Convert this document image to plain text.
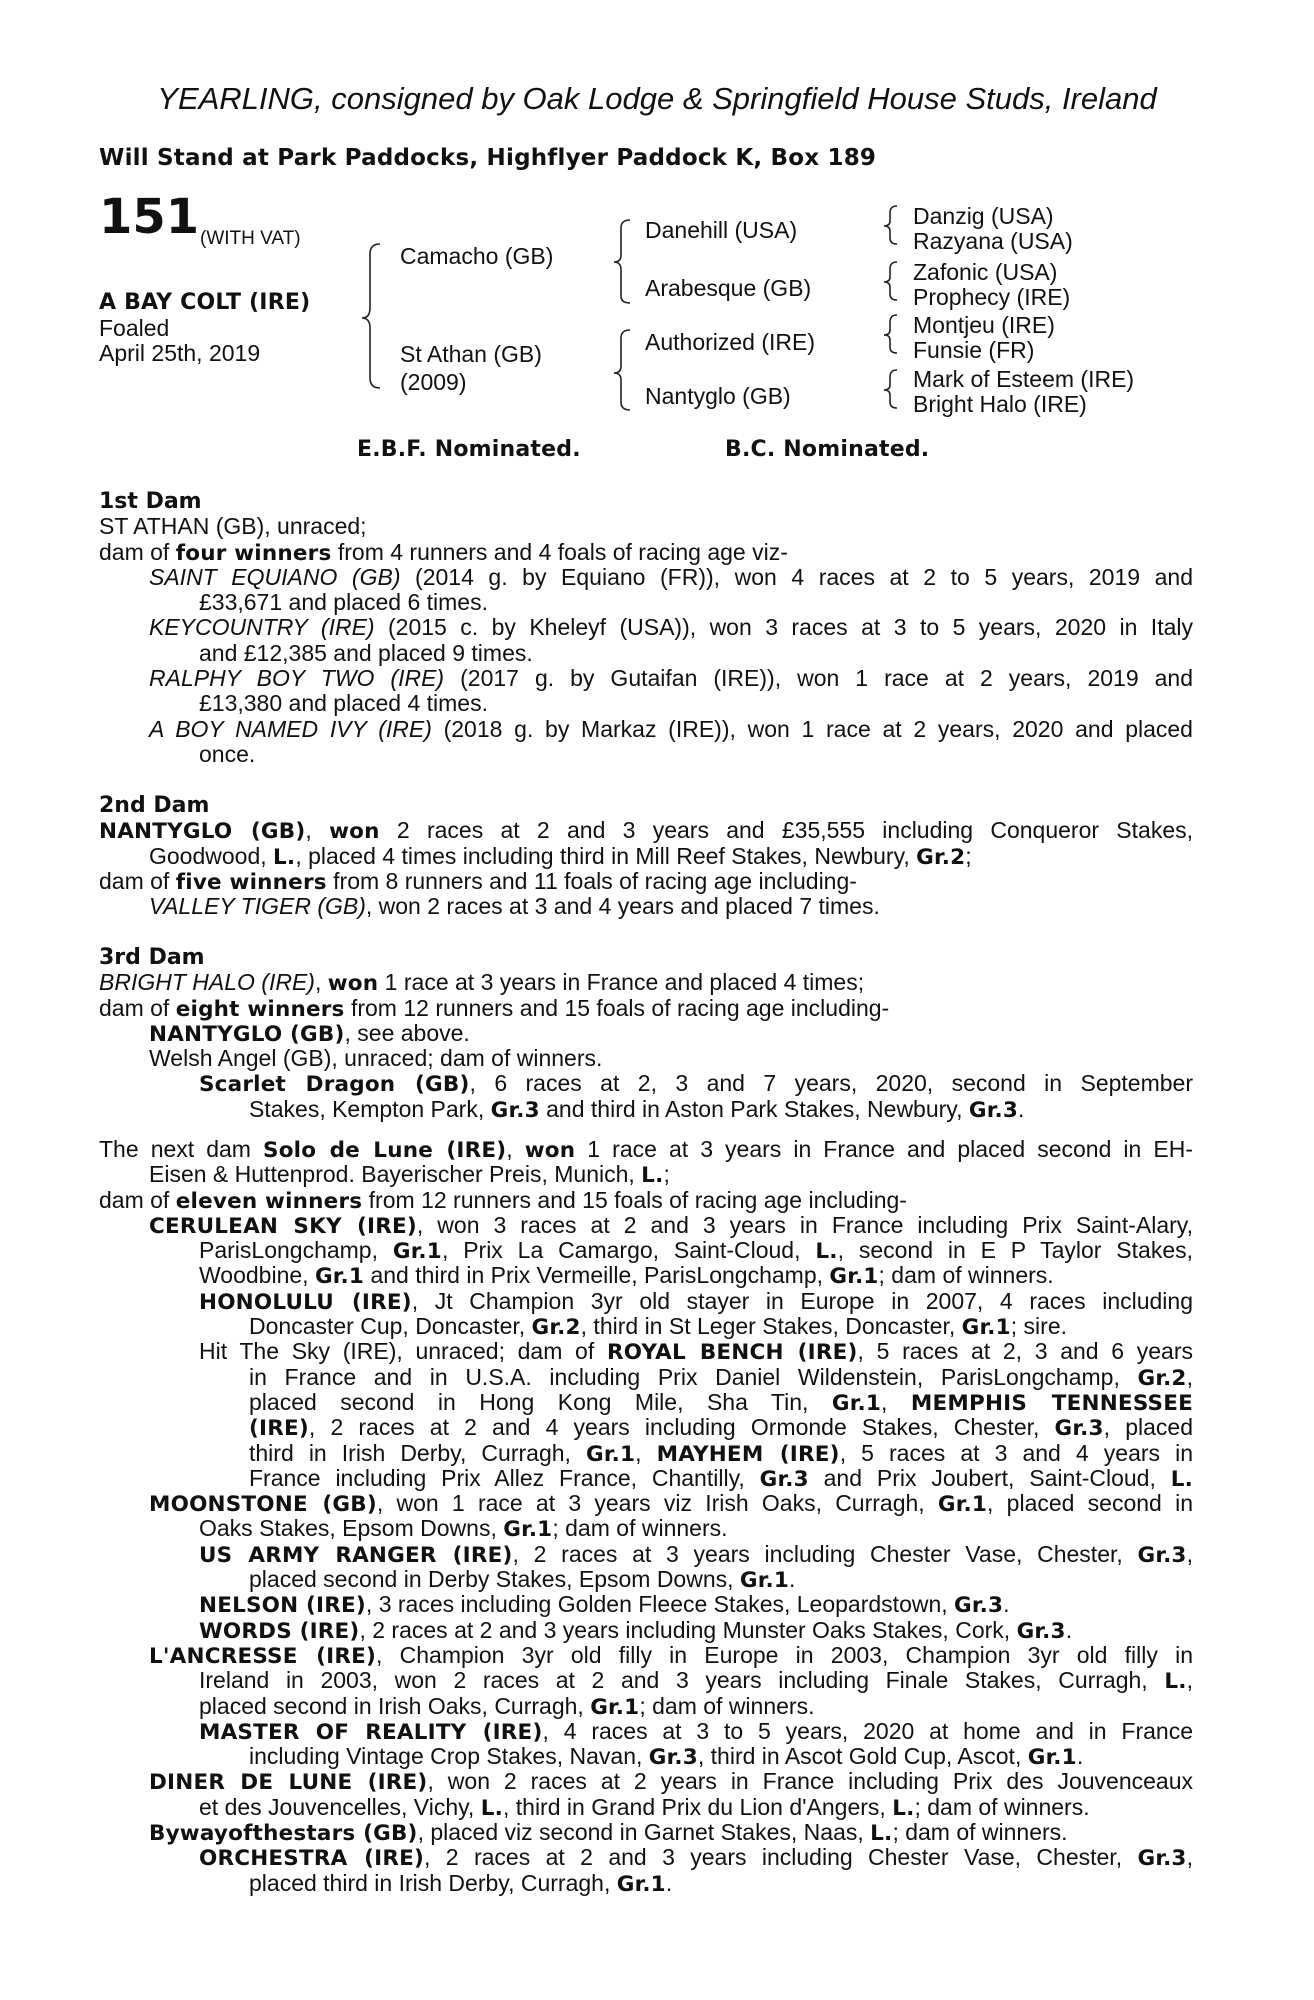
YEARLING, consigned by Oak Lodge & Springfield House Studs, Ireland
Will Stand at Park Paddocks, Highflyer Paddock K, Box 189
151 (WITH VAT)
A BAY COLT (IRE)
Foaled
April 25th, 2019
Camacho (GB)
St Athan (GB)
(2009)
Danehill (USA)
Arabesque (GB)
Authorized (IRE)
Nantyglo (GB)
Danzig (USA)
Razyana (USA)
Zafonic (USA)
Prophecy (IRE)
Montjeu (IRE)
Funsie (FR)
Mark of Esteem (IRE)
Bright Halo (IRE)
E.B.F. Nominated.	B.C. Nominated.
1st Dam
ST ATHAN (GB), unraced;
dam of four winners from 4 runners and 4 foals of racing age viz-
SAINT EQUIANO (GB) (2014 g. by Equiano (FR)), won 4 races at 2 to 5 years, 2019 and
£33,671 and placed 6 times.
KEYCOUNTRY (IRE) (2015 c. by Kheleyf (USA)), won 3 races at 3 to 5 years, 2020 in Italy
and £12,385 and placed 9 times.
RALPHY BOY TWO (IRE) (2017 g. by Gutaifan (IRE)), won 1 race at 2 years, 2019 and
£13,380 and placed 4 times.
A BOY NAMED IVY (IRE) (2018 g. by Markaz (IRE)), won 1 race at 2 years, 2020 and placed
once.
2nd Dam
NANTYGLO (GB), won 2 races at 2 and 3 years and £35,555 including Conqueror Stakes,
Goodwood, L., placed 4 times including third in Mill Reef Stakes, Newbury, Gr.2;
dam of five winners from 8 runners and 11 foals of racing age including-
VALLEY TIGER (GB), won 2 races at 3 and 4 years and placed 7 times.
3rd Dam
BRIGHT HALO (IRE), won 1 race at 3 years in France and placed 4 times;
dam of eight winners from 12 runners and 15 foals of racing age including-
NANTYGLO (GB), see above.
Welsh Angel (GB), unraced; dam of winners.
Scarlet Dragon (GB), 6 races at 2, 3 and 7 years, 2020, second in September
Stakes, Kempton Park, Gr.3 and third in Aston Park Stakes, Newbury, Gr.3.
The next dam Solo de Lune (IRE), won 1 race at 3 years in France and placed second in EH-
Eisen & Huttenprod. Bayerischer Preis, Munich, L.;
dam of eleven winners from 12 runners and 15 foals of racing age including-
CERULEAN SKY (IRE), won 3 races at 2 and 3 years in France including Prix Saint-Alary,
ParisLongchamp, Gr.1, Prix La Camargo, Saint-Cloud, L., second in E P Taylor Stakes,
Woodbine, Gr.1 and third in Prix Vermeille, ParisLongchamp, Gr.1; dam of winners.
HONOLULU (IRE), Jt Champion 3yr old stayer in Europe in 2007, 4 races including
Doncaster Cup, Doncaster, Gr.2, third in St Leger Stakes, Doncaster, Gr.1; sire.
Hit The Sky (IRE), unraced; dam of ROYAL BENCH (IRE), 5 races at 2, 3 and 6 years
in France and in U.S.A. including Prix Daniel Wildenstein, ParisLongchamp, Gr.2,
placed second in Hong Kong Mile, Sha Tin, Gr.1, MEMPHIS TENNESSEE
(IRE), 2 races at 2 and 4 years including Ormonde Stakes, Chester, Gr.3, placed
third in Irish Derby, Curragh, Gr.1, MAYHEM (IRE), 5 races at 3 and 4 years in
France including Prix Allez France, Chantilly, Gr.3 and Prix Joubert, Saint-Cloud, L.
MOONSTONE (GB), won 1 race at 3 years viz Irish Oaks, Curragh, Gr.1, placed second in
Oaks Stakes, Epsom Downs, Gr.1; dam of winners.
US ARMY RANGER (IRE), 2 races at 3 years including Chester Vase, Chester, Gr.3,
placed second in Derby Stakes, Epsom Downs, Gr.1.
NELSON (IRE), 3 races including Golden Fleece Stakes, Leopardstown, Gr.3.
WORDS (IRE), 2 races at 2 and 3 years including Munster Oaks Stakes, Cork, Gr.3.
L'ANCRESSE (IRE), Champion 3yr old filly in Europe in 2003, Champion 3yr old filly in
Ireland in 2003, won 2 races at 2 and 3 years including Finale Stakes, Curragh, L.,
placed second in Irish Oaks, Curragh, Gr.1; dam of winners.
MASTER OF REALITY (IRE), 4 races at 3 to 5 years, 2020 at home and in France
including Vintage Crop Stakes, Navan, Gr.3, third in Ascot Gold Cup, Ascot, Gr.1.
DINER DE LUNE (IRE), won 2 races at 2 years in France including Prix des Jouvenceaux
et des Jouvencelles, Vichy, L., third in Grand Prix du Lion d'Angers, L.; dam of winners.
Bywayofthestars (GB), placed viz second in Garnet Stakes, Naas, L.; dam of winners.
ORCHESTRA (IRE), 2 races at 2 and 3 years including Chester Vase, Chester, Gr.3,
placed third in Irish Derby, Curragh, Gr.1.
